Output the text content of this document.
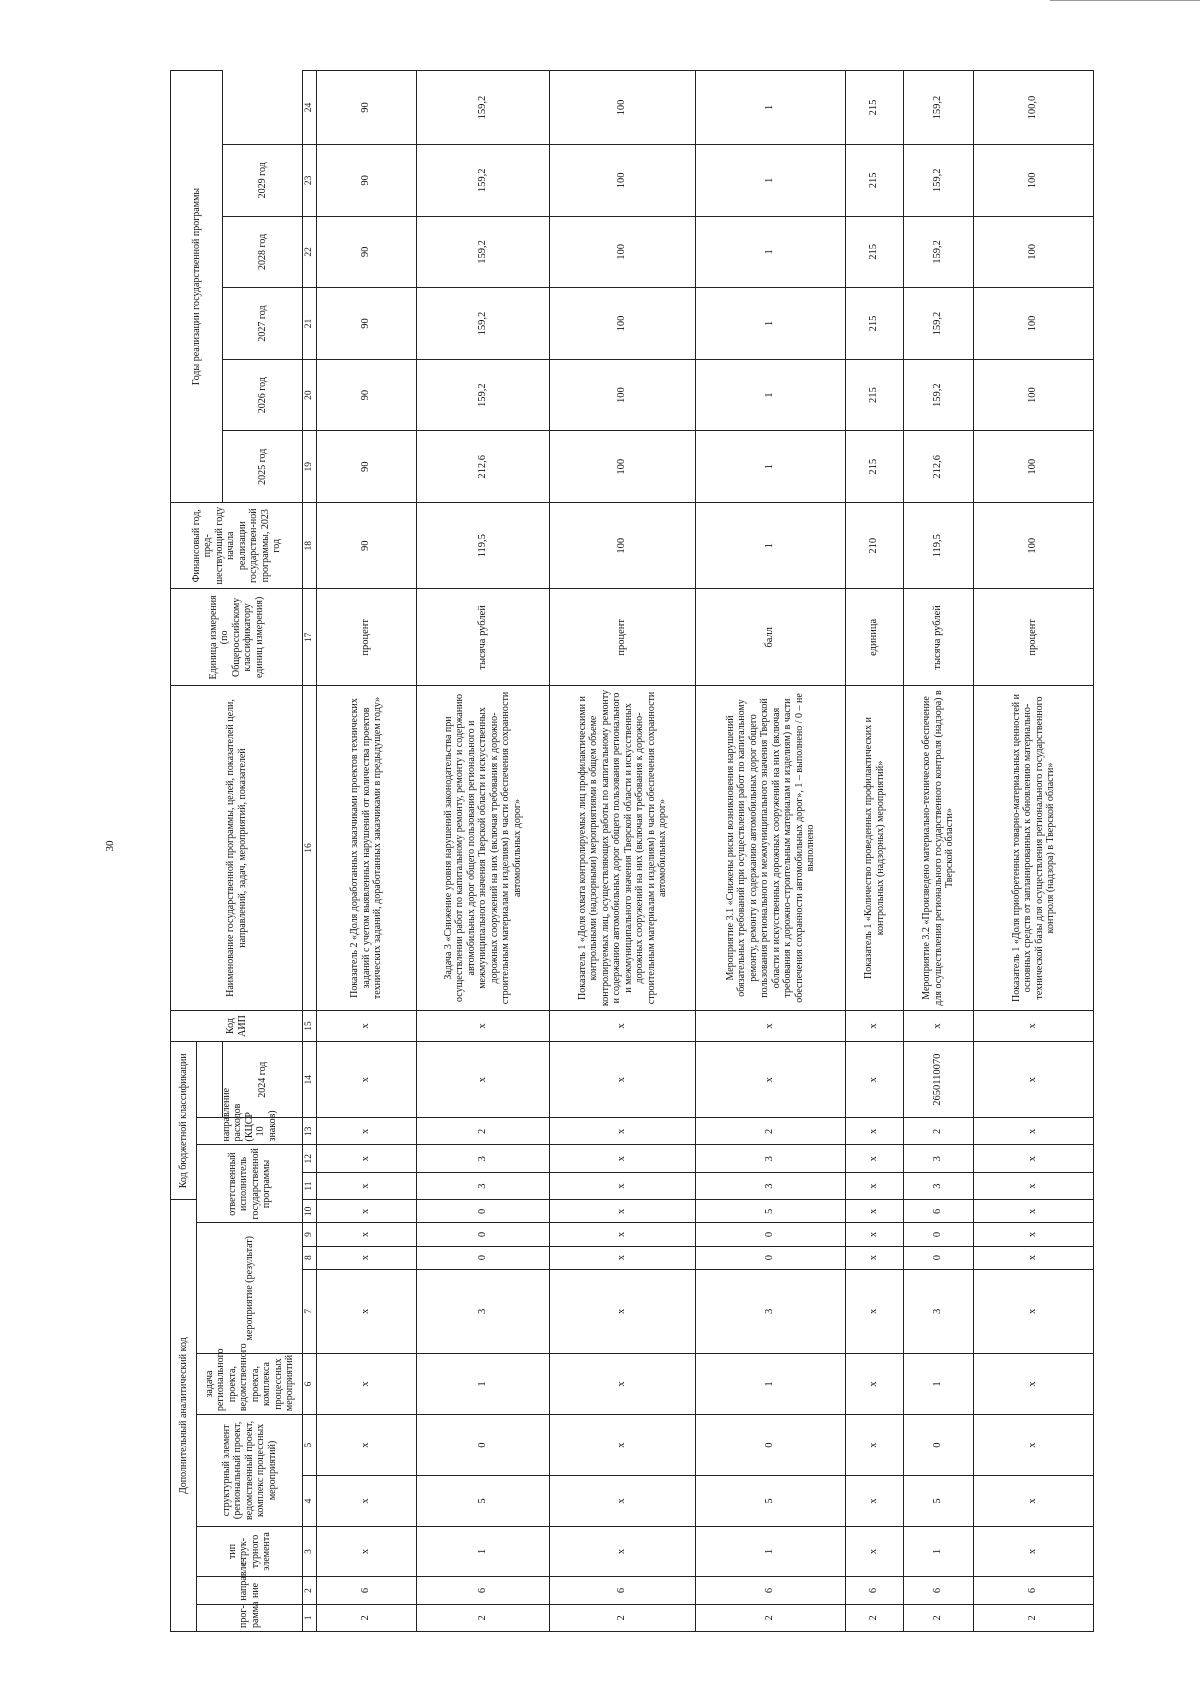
30
Дополнительный аналитический код										Код бюджетной классификации				Код АИП	Наименование государственной программы, целей, показателей цели, направлений, задач, мероприятий, показателей	Единица измерения (по Общероссийскому классификатору единиц измерения)	Финансовый год, пред-шествующий году начала реализации государствен-ной программы, 2023 год	Годы реализации государственной программы					
прог-рамма	направле-ние	тип струк-турного элемента	структурный элемент (региональный проект, ведомственный проект, комплекс процессных мероприятий)		задача регионального проекта, ведомственного проекта, комплекса процессных мероприятий	мероприятие (результат)			ответственный исполнитель государственной программы			направление расходов (КЦСР 10 знаков)											
													2024 год					2025 год	2026 год	2027 год	2028 год	2029 год	
1	2	3	4	5	6	7	8	9	10	11	12	13	14	15	16	17	18	19	20	21	22	23	24
2	6	x	x	x	x	x	x	x	x	x	x	x	x	x	Показатель 2 «Доля доработанных заказчиками проектов технических заданий с учетом выявленных нарушений от количества проектов технических заданий, доработанных заказчиками в предыдущем году»	процент	90	90	90	90	90	90	90
2	6	1	5	0	1	3	0	0	0	3	3	2	x	x	Задача 3 «Снижение уровня нарушений законодательства при осуществлении работ по капитальному ремонту, ремонту и содержанию автомобильных дорог общего пользования регионального и межмуниципального значения Тверской области и искусственных дорожных сооружений на них (включая требования к дорожно-строительным материалам и изделиям) в части обеспечения сохранности автомобильных дорог»	тысяча рублей	119,5	212,6	159,2	159,2	159,2	159,2	159,2
2	6	x	x	x	x	x	x	x	x	x	x	x	x	x	Показатель 1 «Доля охвата контролируемых лиц профилактическими и контрольными (надзорными) мероприятиями в общем объеме контролируемых лиц, осуществляющих работы по капитальному ремонту и содержанию автомобильных дорог общего пользования регионального и межмуниципального значения Тверской области и искусственных дорожных сооружений на них (включая требования к дорожно-строительным материалам и изделиям) в части обеспечения сохранности автомобильных дорог»	процент	100	100	100	100	100	100	100
2	6	1	5	0	1	3	0	0	5	3	3	2	x	x	Мероприятие 3.1 «Снижены риски возникновения нарушений обязательных требований при осуществлении работ по капитальному ремонту, ремонту и содержанию автомобильных дорог общего пользования регионального и межмуниципального значения Тверской области и искусственных дорожных сооружений на них (включая требования к дорожно-строительным материалам и изделиям) в части обеспечения сохранности автомобильных дорог», 1 – выполнено / 0 – не выполнено	балл	1	1	1	1	1	1	1
2	6	x	x	x	x	x	x	x	x	x	x	x	x	x	Показатель 1 «Количество проведенных профилактических и контрольных (надзорных) мероприятий»	единица	210	215	215	215	215	215	215
2	6	1	5	0	1	3	0	0	6	3	3	2	2650110070	x	Мероприятие 3.2 «Произведено материально-техническое обеспечение для осуществления регионального государственного контроля (надзора) в Тверской области»	тысяча рублей	119,5	212,6	159,2	159,2	159,2	159,2	159,2
2	6	x	x	x	x	x	x	x	x	x	x	x	x	x	Показатель 1 «Доля приобретенных товарно-материальных ценностей и основных средств от запланированных к обновлению материально-технической базы для осуществления регионального государственного контроля (надзора) в Тверской области»	процент	100	100	100	100	100	100	100,0
